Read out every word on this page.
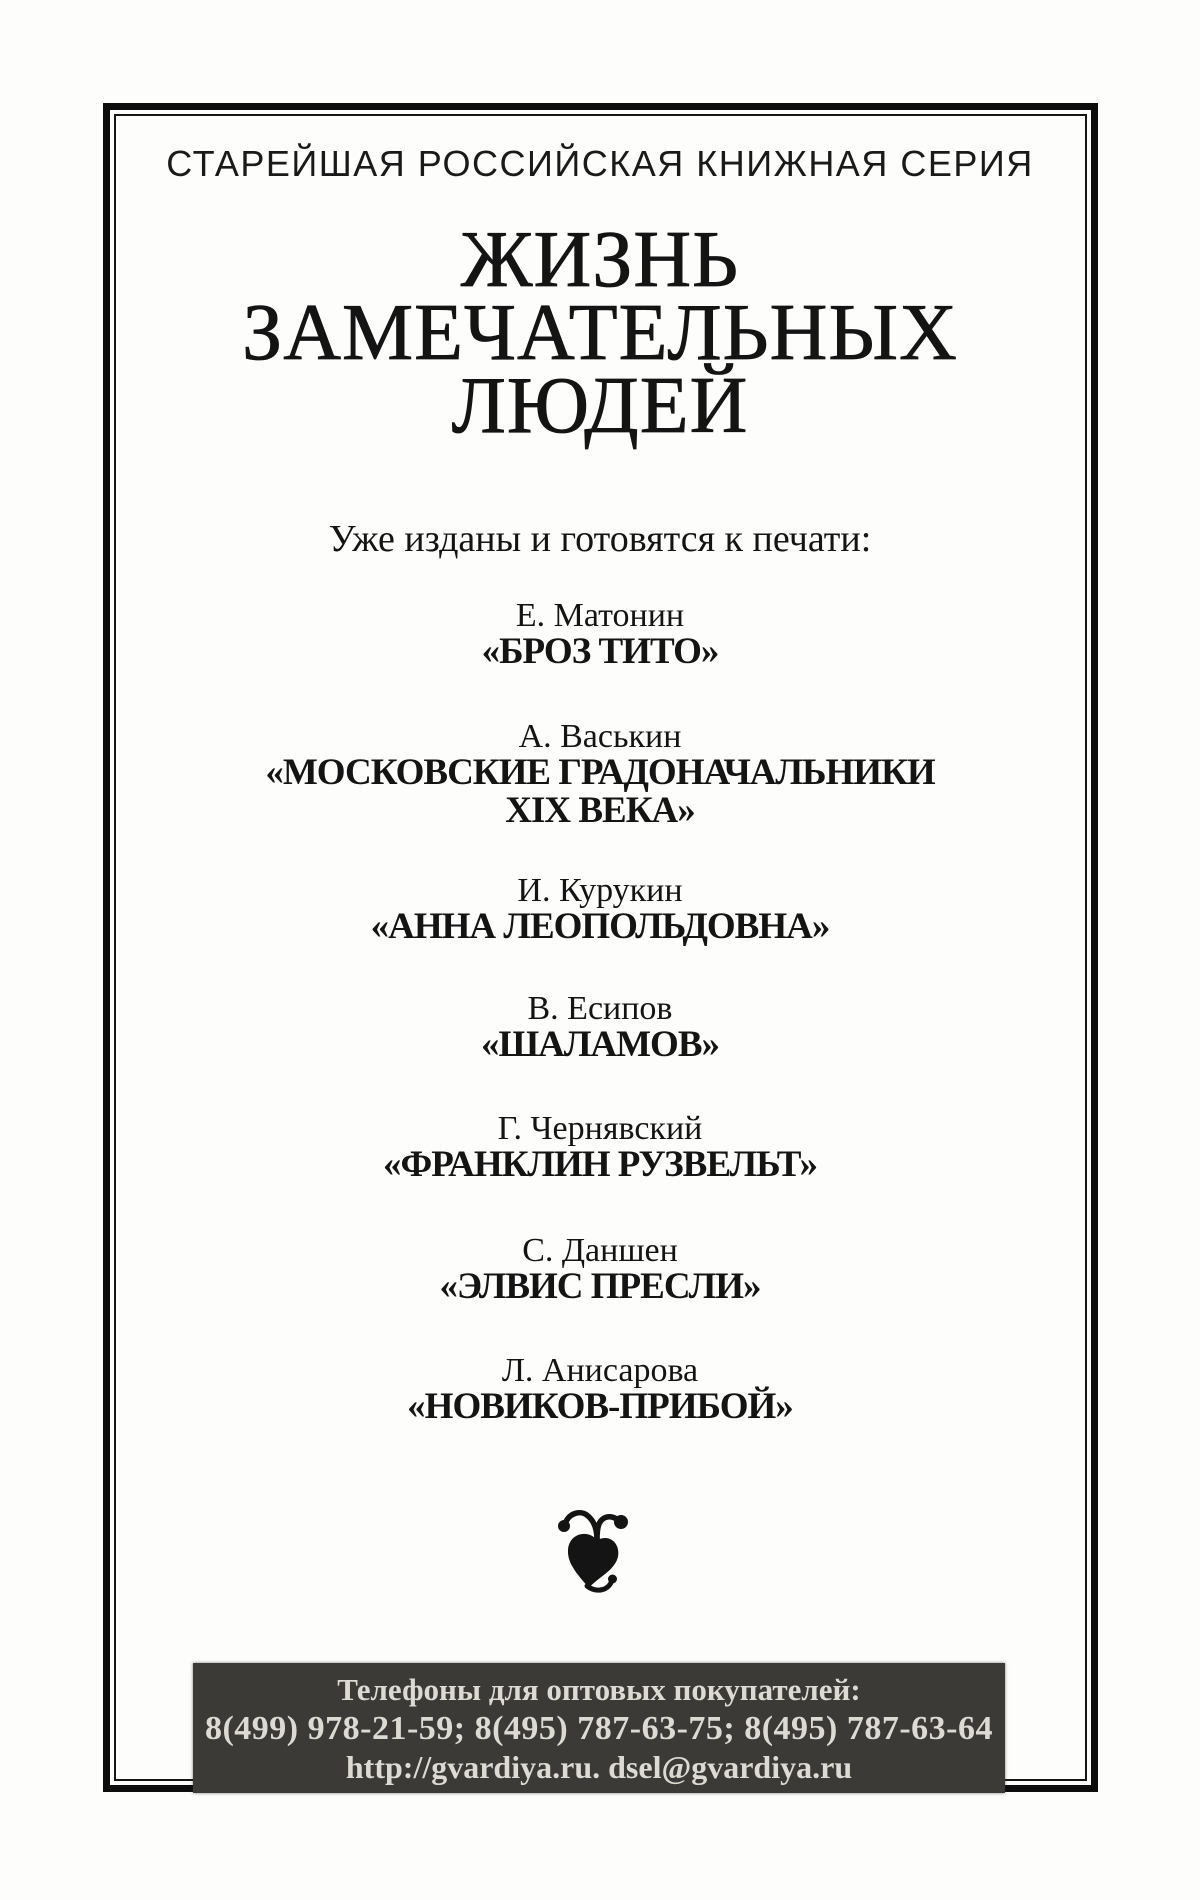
СТАРЕЙШАЯ РОССИЙСКАЯ КНИЖНАЯ СЕРИЯ
ЖИЗНЬ
ЗАМЕЧАТЕЛЬНЫХ
ЛЮДЕЙ
Уже изданы и готовятся к печати:
Е. Матонин
«БРОЗ ТИТО»
А. Васькин
«МОСКОВСКИЕ ГРАДОНАЧАЛЬНИКИ
XIX ВЕКА»
И. Курукин
«АННА ЛЕОПОЛЬДОВНА»
В. Есипов
«ШАЛАМОВ»
Г. Чернявский
«ФРАНКЛИН РУЗВЕЛЬТ»
С. Даншен
«ЭЛВИС ПРЕСЛИ»
Л. Анисарова
«НОВИКОВ-ПРИБОЙ»
Телефоны для оптовых покупателей:
8(499) 978-21-59; 8(495) 787-63-75; 8(495) 787-63-64
http://gvardiya.ru. dsel@gvardiya.ru
